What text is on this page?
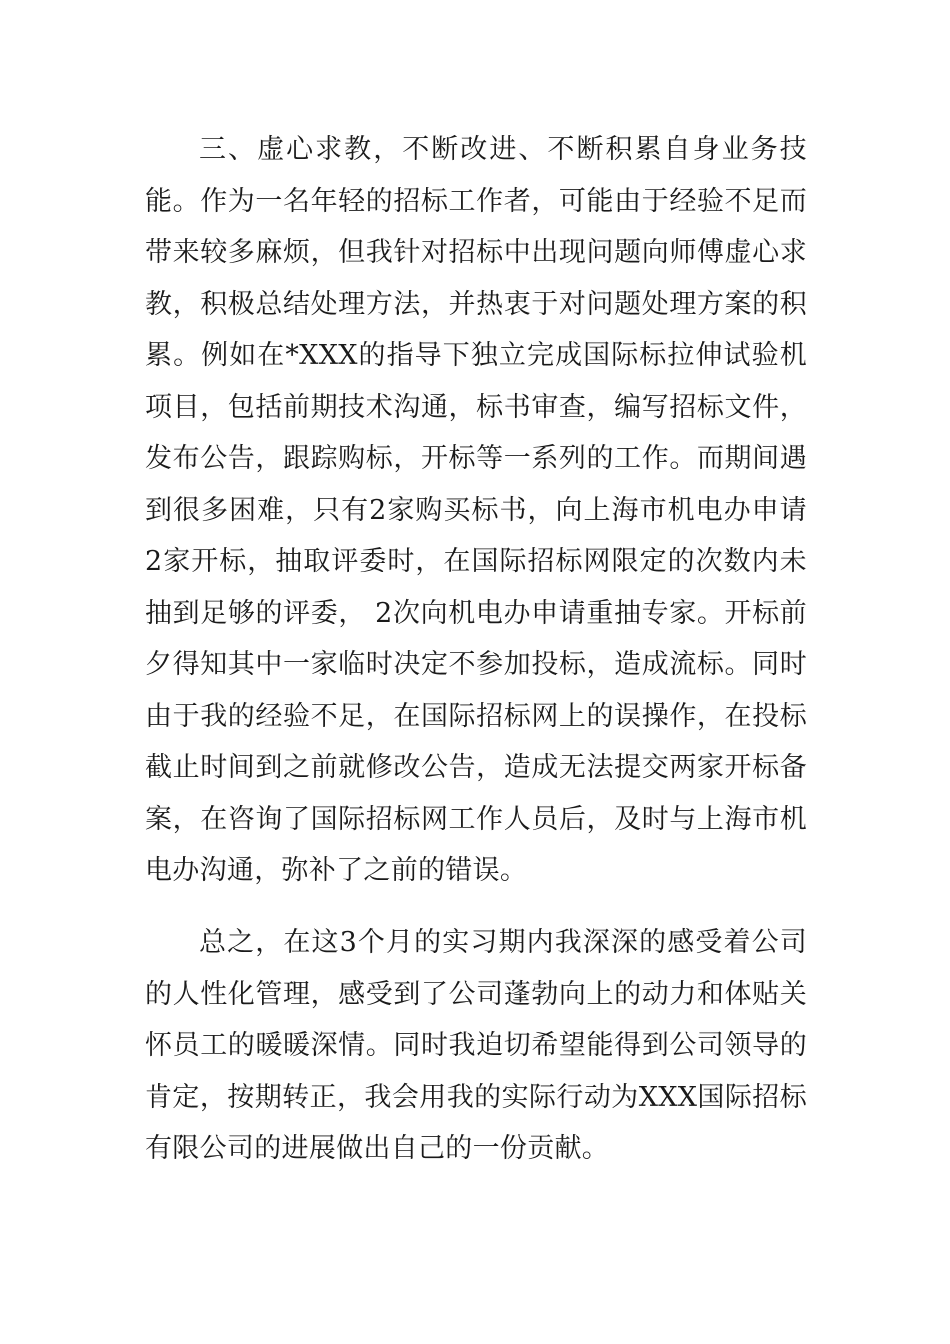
三、虚心求教，不断改进、不断积累自身业务技能。作为一名年轻的招标工作者，可能由于经验不足而带来较多麻烦，但我针对招标中出现问题向师傅虚心求教，积极总结处理方法，并热衷于对问题处理方案的积累。例如在*XXX的指导下独立完成国际标拉伸试验机项目，包括前期技术沟通，标书审查，编写招标文件，发布公告，跟踪购标，开标等一系列的工作。而期间遇到很多困难，只有2家购买标书，向上海市机电办申请2家开标，抽取评委时，在国际招标网限定的次数内未抽到足够的评委， 2次向机电办申请重抽专家。开标前夕得知其中一家临时决定不参加投标，造成流标。同时由于我的经验不足，在国际招标网上的误操作，在投标截止时间到之前就修改公告，造成无法提交两家开标备案，在咨询了国际招标网工作人员后，及时与上海市机电办沟通，弥补了之前的错误。

总之，在这3个月的实习期内我深深的感受着公司的人性化管理，感受到了公司蓬勃向上的动力和体贴关怀员工的暖暖深情。同时我迫切希望能得到公司领导的肯定，按期转正，我会用我的实际行动为XXX国际招标有限公司的进展做出自己的一份贡献。
